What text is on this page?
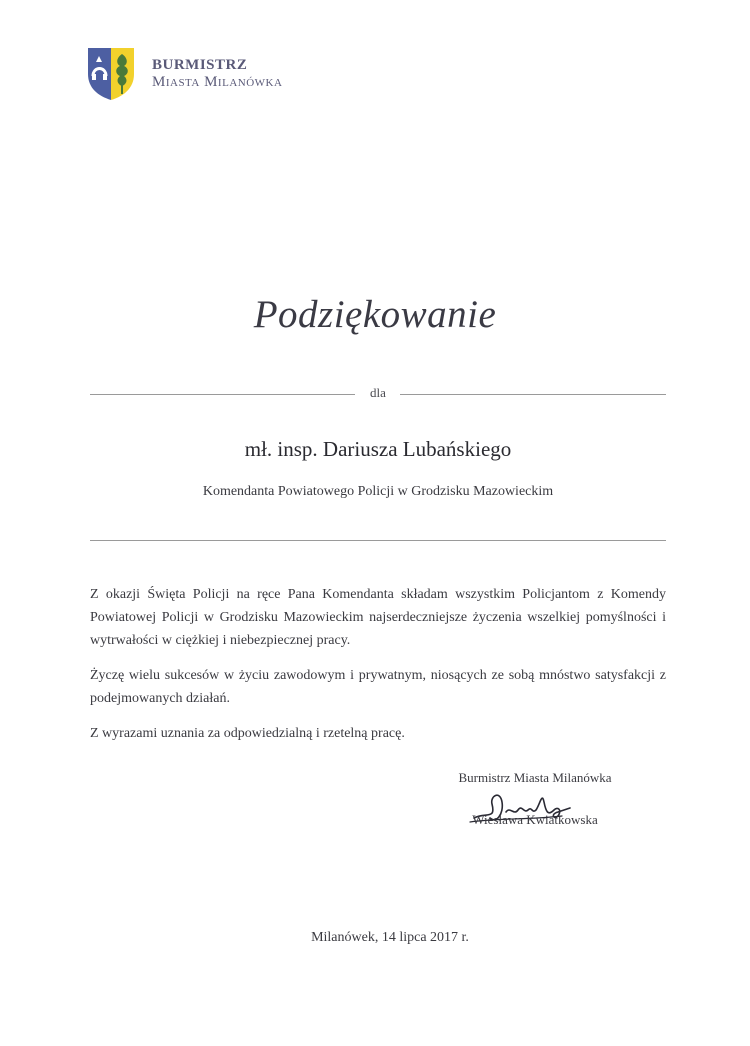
BURMISTRZ
Miasta Milanówka
Podziękowanie
dla
mł. insp. Dariusza Lubańskiego
Komendanta Powiatowego Policji w Grodzisku Mazowieckim

Z okazji Święta Policji na ręce Pana Komendanta składam wszystkim Policjantom z Komendy Powiatowej Policji w Grodzisku Mazowieckim najserdeczniejsze życzenia wszelkiej pomyślności i wytrwałości w ciężkiej i niebezpiecznej pracy.

Życzę wielu sukcesów w życiu zawodowym i prywatnym, niosących ze sobą mnóstwo satysfakcji z podejmowanych działań.

Z wyrazami uznania za odpowiedzialną i rzetelną pracę.

Burmistrz Miasta Milanówka
Wiesława Kwiatkowska
Milanówek, 14 lipca 2017 r.
